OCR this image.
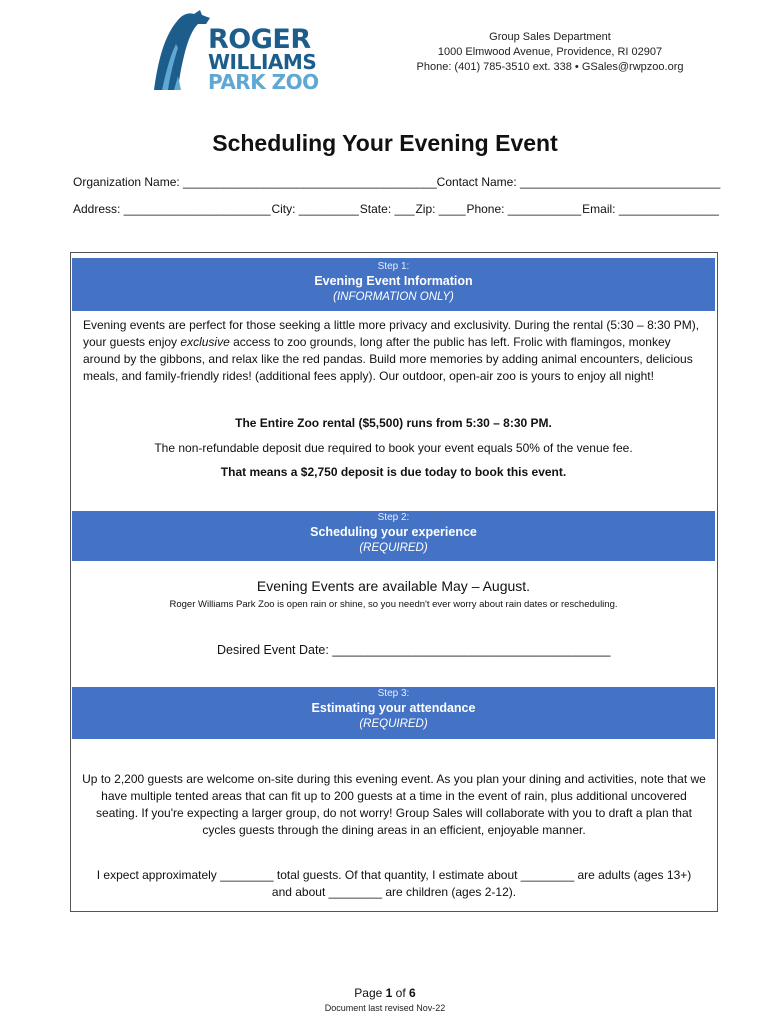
ROGER
WILLIAMS
PARK ZOO
Group Sales Department
1000 Elmwood Avenue, Providence, RI 02907
Phone: (401) 785-3510 ext. 338 • GSales@rwpzoo.org
Scheduling Your Evening Event
Organization Name: ______________________________________ Contact Name: ______________________________
Address: ______________________ City: _________ State: ___ Zip: ____ Phone: ___________ Email: _______________
Step 1:
Evening Event Information
(INFORMATION ONLY)
Evening events are perfect for those seeking a little more privacy and exclusivity. During the rental (5:30 – 8:30 PM), your guests enjoy exclusive access to zoo grounds, long after the public has left. Frolic with flamingos, monkey around by the gibbons, and relax like the red pandas. Build more memories by adding animal encounters, delicious meals, and family-friendly rides! (additional fees apply). Our outdoor, open-air zoo is yours to enjoy all night!
The Entire Zoo rental ($5,500) runs from 5:30 – 8:30 PM.
The non-refundable deposit due required to book your event equals 50% of the venue fee.
That means a $2,750 deposit is due today to book this event.
Step 2:
Scheduling your experience
(REQUIRED)
Evening Events are available May – August.
Roger Williams Park Zoo is open rain or shine, so you needn't ever worry about rain dates or rescheduling.
Desired Event Date: ________________________________________
Step 3:
Estimating your attendance
(REQUIRED)
Up to 2,200 guests are welcome on-site during this evening event. As you plan your dining and activities, note that we have multiple tented areas that can fit up to 200 guests at a time in the event of rain, plus additional uncovered seating. If you're expecting a larger group, do not worry! Group Sales will collaborate with you to draft a plan that cycles guests through the dining areas in an efficient, enjoyable manner.
I expect approximately ________ total guests. Of that quantity, I estimate about ________ are adults (ages 13+) and about ________ are children (ages 2-12).
Page 1 of 6
Document last revised Nov-22
